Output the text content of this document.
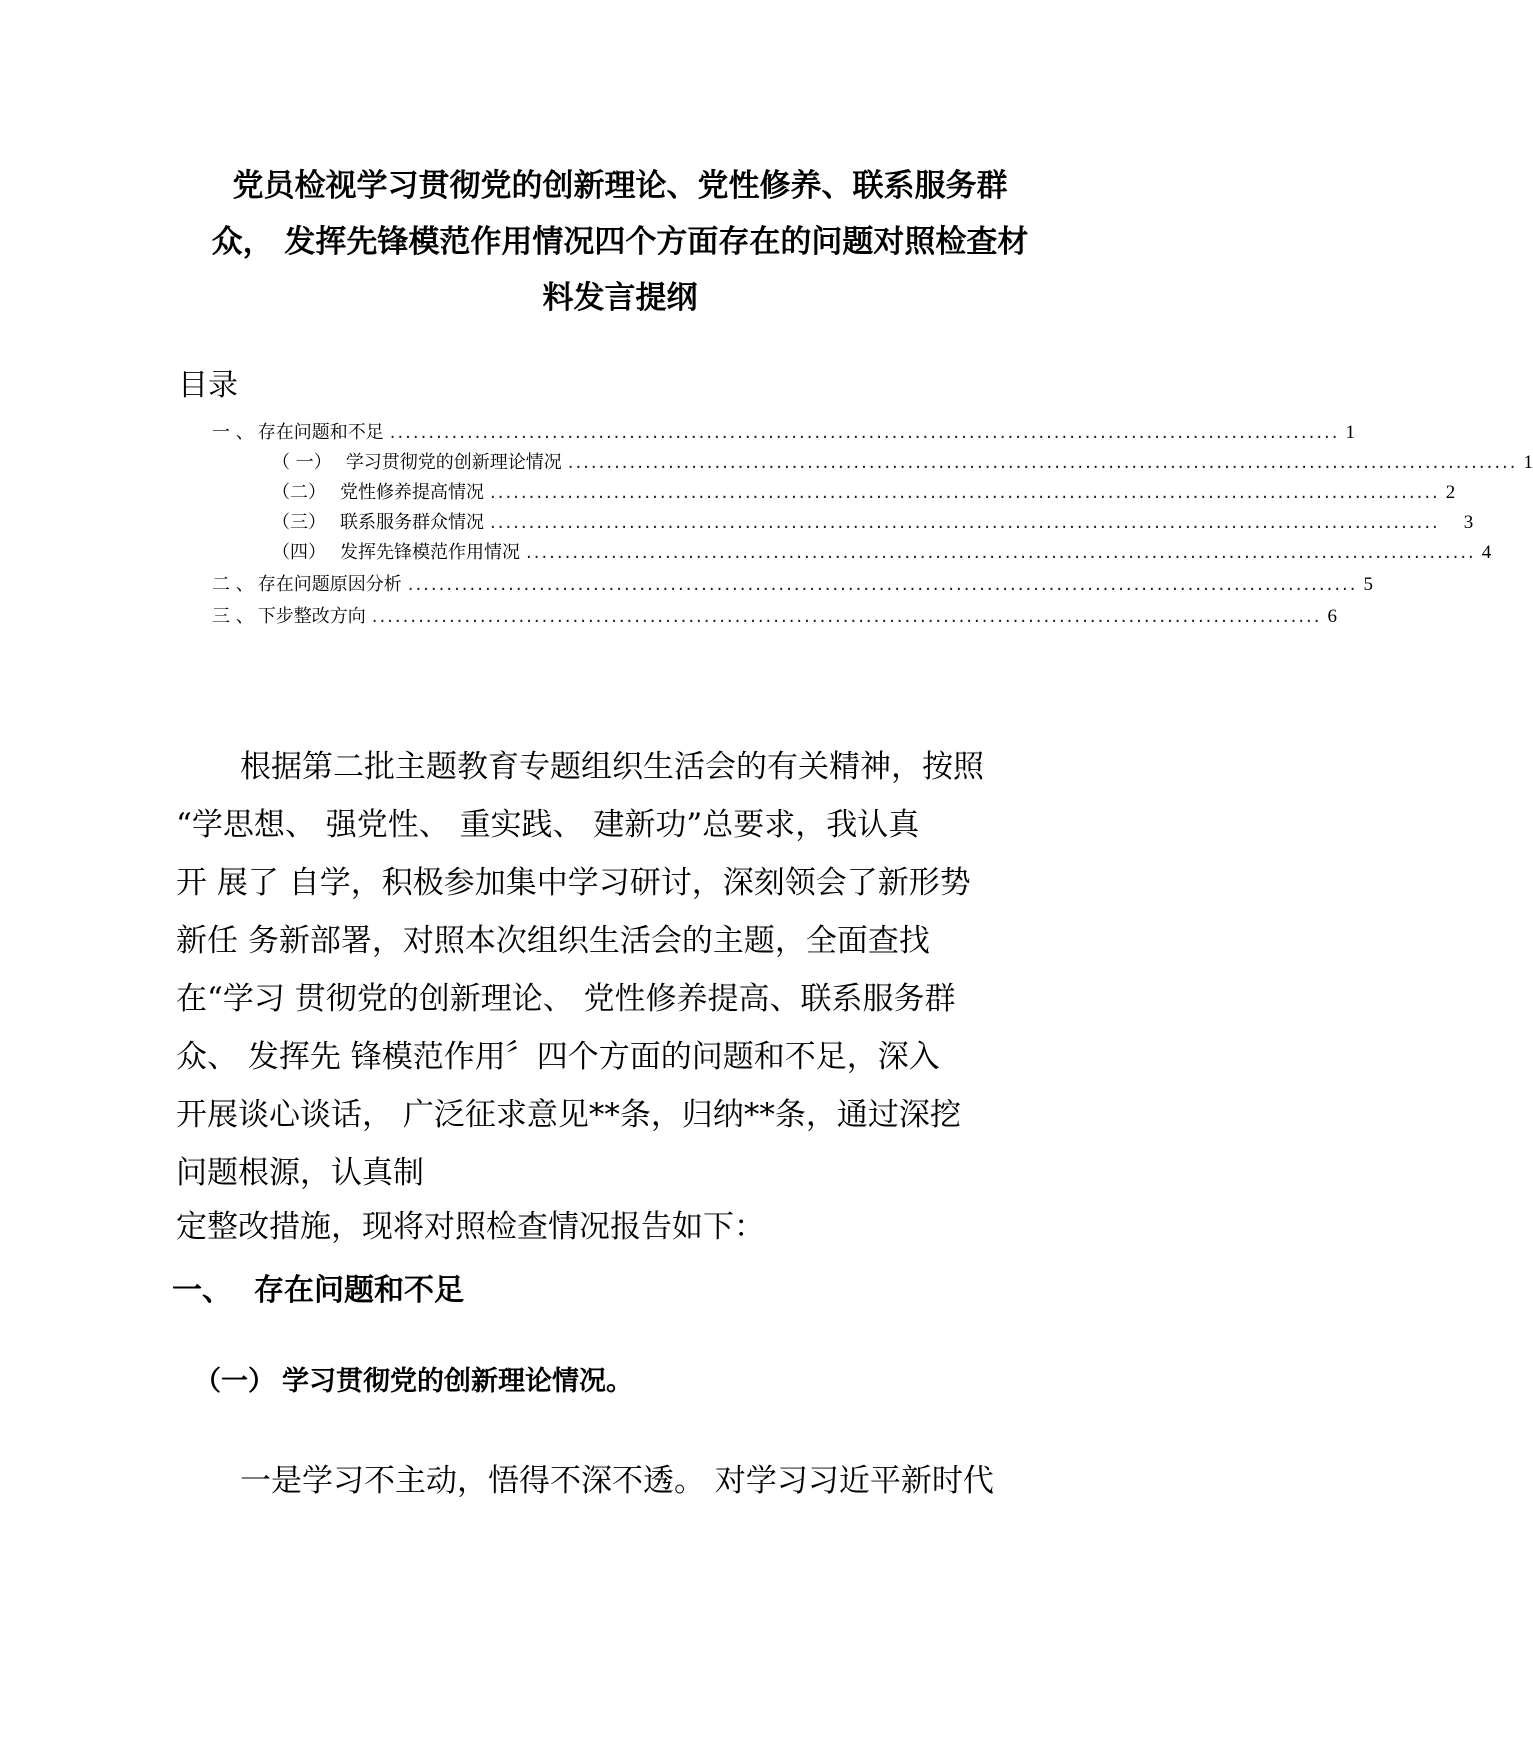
党员检视学习贯彻党的创新理论、党性修养、联系服务群
众， 发挥先锋模范作用情况四个方面存在的问题对照检查材
料发言提纲
目录
一 、 存在问题和不足 ........................................................................................................................... 1
（ 一） 学习贯彻党的创新理论情况 ........................................................................................................................... 1
（二） 党性修养提高情况 ........................................................................................................................... 2
（三） 联系服务群众情况 ...........................................................................................................................	3
（四） 发挥先锋模范作用情况 ........................................................................................................................... 4
二 、 存在问题原因分析 ........................................................................................................................... 5
三 、 下步整改方向 ........................................................................................................................... 6
根据第二批主题教育专题组织生活会的有关精神，按照
“学思想、 强党性、 重实践、 建新功”总要求，我认真
开 展了 自学，积极参加集中学习研讨，深刻领会了新形势
新任 务新部署，对照本次组织生活会的主题，全面查找
在“学习 贯彻党的创新理论、 党性修养提高、联系服务群
众、 发挥先 锋模范作用〞四个方面的问题和不足，深入
开展谈心谈话， 广泛征求意见**条，归纳**条，通过深挖
问题根源，认真制
定整改措施，现将对照检查情况报告如下：
一、 存在问题和不足
（一） 学习贯彻党的创新理论情况。
一是学习不主动，悟得不深不透。 对学习习近平新时代
